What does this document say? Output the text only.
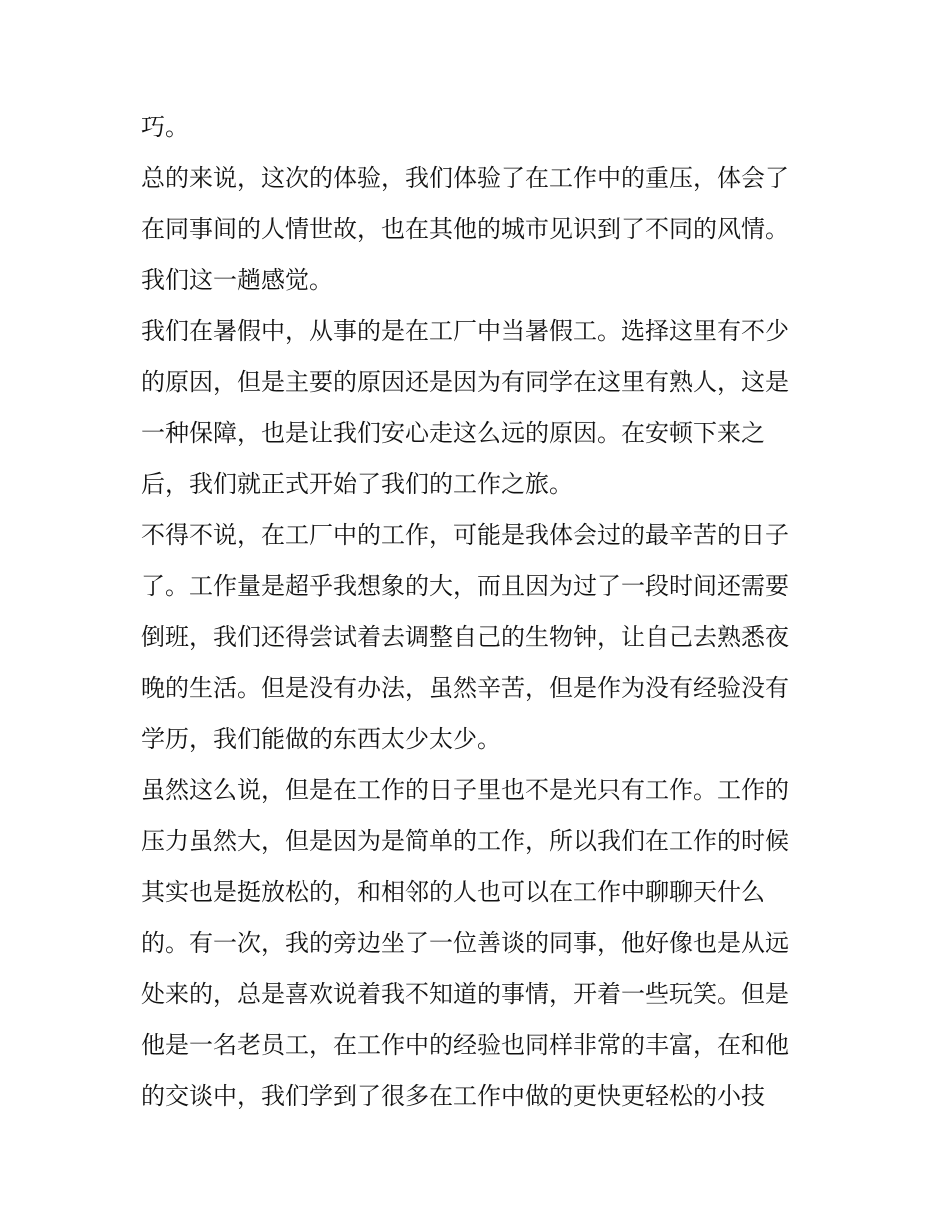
巧。
总的来说，这次的体验，我们体验了在工作中的重压，体会了
在同事间的人情世故，也在其他的城市见识到了不同的风情。
我们这一趟感觉。
我们在暑假中，从事的是在工厂中当暑假工。选择这里有不少
的原因，但是主要的原因还是因为有同学在这里有熟人，这是
一种保障，也是让我们安心走这么远的原因。在安顿下来之
后，我们就正式开始了我们的工作之旅。
不得不说，在工厂中的工作，可能是我体会过的最辛苦的日子
了。工作量是超乎我想象的大，而且因为过了一段时间还需要
倒班，我们还得尝试着去调整自己的生物钟，让自己去熟悉夜
晚的生活。但是没有办法，虽然辛苦，但是作为没有经验没有
学历，我们能做的东西太少太少。
虽然这么说，但是在工作的日子里也不是光只有工作。工作的
压力虽然大，但是因为是简单的工作，所以我们在工作的时候
其实也是挺放松的，和相邻的人也可以在工作中聊聊天什么
的。有一次，我的旁边坐了一位善谈的同事，他好像也是从远
处来的，总是喜欢说着我不知道的事情，开着一些玩笑。但是
他是一名老员工，在工作中的经验也同样非常的丰富，在和他
的交谈中，我们学到了很多在工作中做的更快更轻松的小技
